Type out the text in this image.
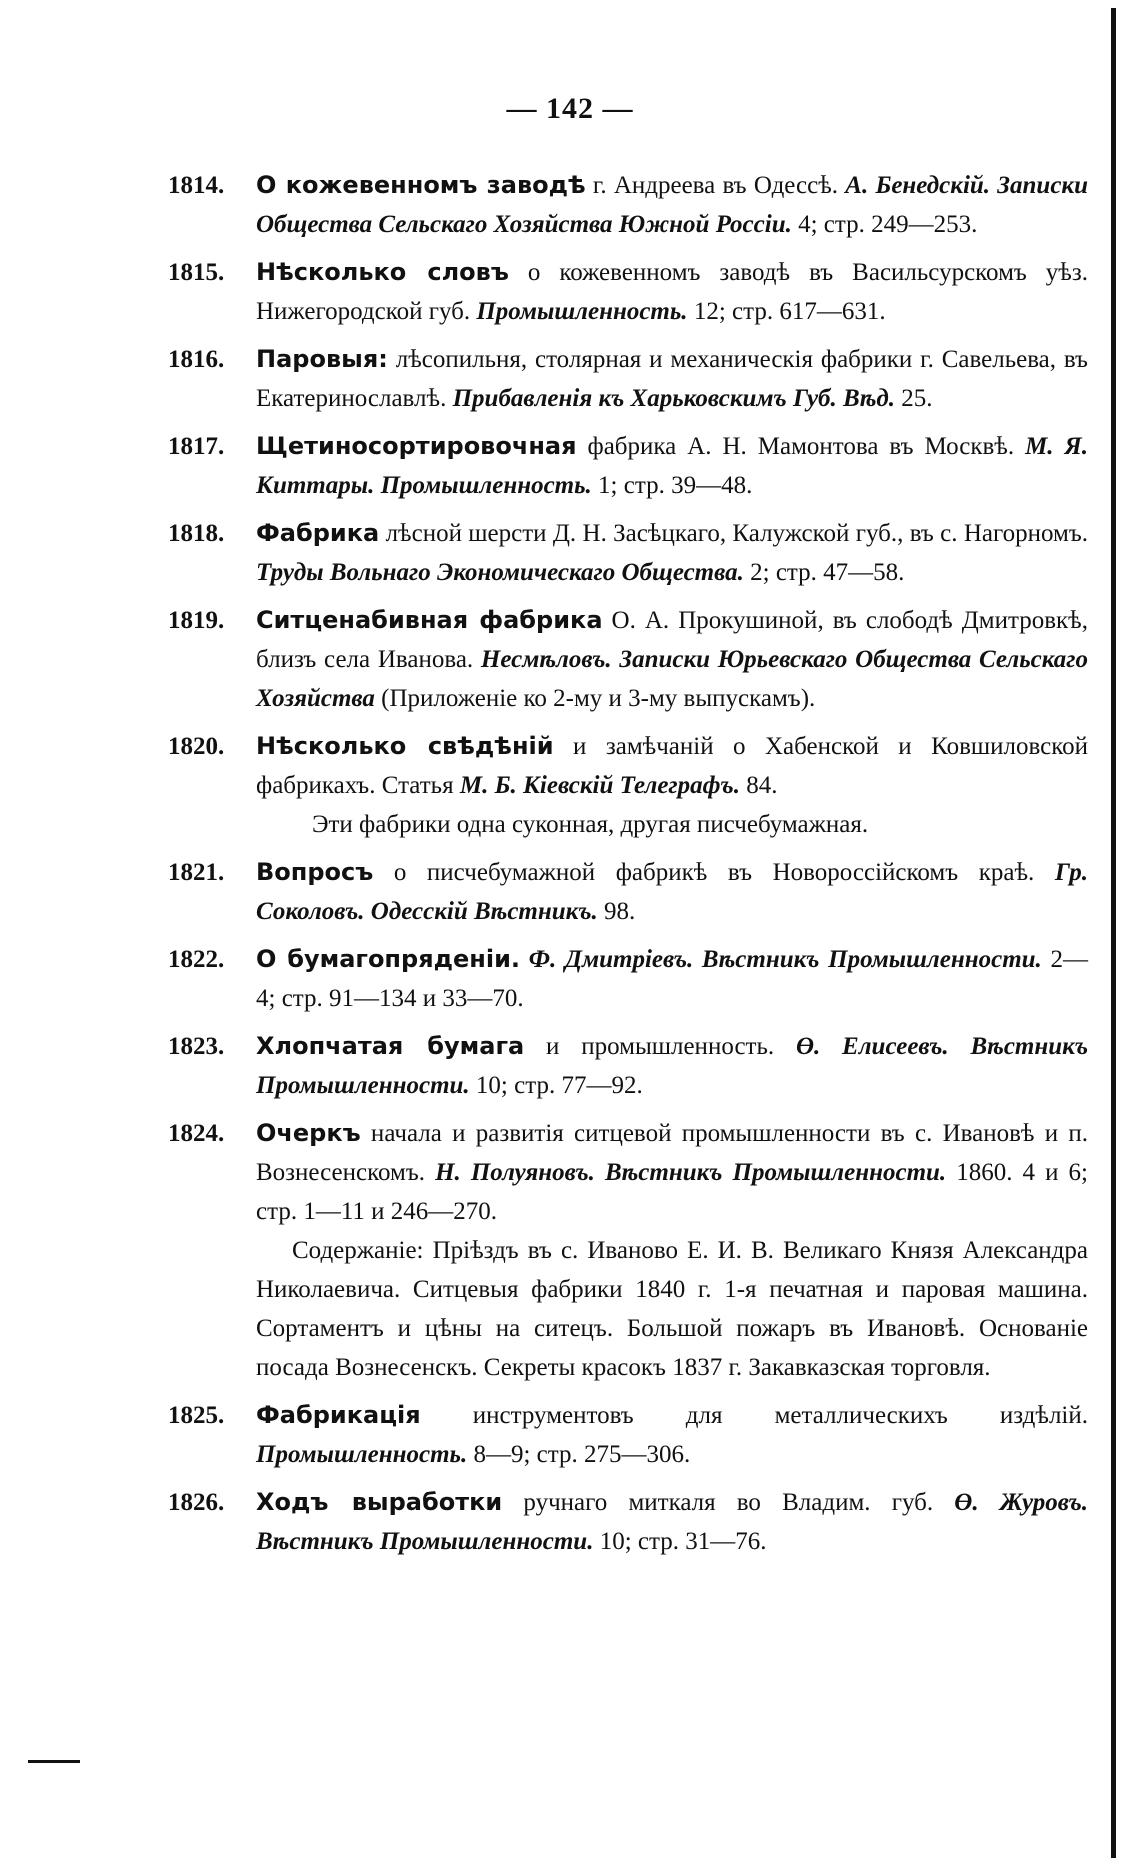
— 142 —
1814.	О кожевенномъ заводѣ г. Андреева въ Одессѣ. А. Бенедскій. Записки Общества Сельскаго Хозяйства Южной Россіи. 4; стр. 249—253.
1815.	Нѣсколько словъ о кожевенномъ заводѣ въ Васильсурскомъ уѣз. Нижегородской губ. Промышленность. 12; стр. 617—631.
1816.	Паровыя: лѣсопильня, столярная и механическія фабрики г. Савельева, въ Екатеринославлѣ. Прибавленія къ Харьковскимъ Губ. Вѣд. 25.
1817.	Щетиносортировочная фабрика А. Н. Мамонтова въ Москвѣ. М. Я. Киттары. Промышленность. 1; стр. 39—48.
1818.	Фабрика лѣсной шерсти Д. Н. Засѣцкаго, Калужской губ., въ с. Нагорномъ. Труды Вольнаго Экономическаго Общества. 2; стр. 47—58.
1819.	Ситценабивная фабрика О. А. Прокушиной, въ слободѣ Дмитровкѣ, близъ села Иванова. Несмѣловъ. Записки Юрьевскаго Общества Сельскаго Хозяйства (Приложеніе ко 2-му и 3-му выпускамъ).
1820.	Нѣсколько свѣдѣній и замѣчаній о Хабенской и Ковшиловской фабрикахъ. Статья М. Б. Кіевскій Телеграфъ. 84.
Эти фабрики одна суконная, другая писчебумажная.
1821.	Вопросъ о писчебумажной фабрикѣ въ Новороссійскомъ краѣ. Гр. Соколовъ. Одесскій Вѣстникъ. 98.
1822.	О бумагопряденіи. Ф. Дмитріевъ. Вѣстникъ Промышленности. 2—4; стр. 91—134 и 33—70.
1823.	Хлопчатая бумага и промышленность. Ө. Елисеевъ. Вѣстникъ Промышленности. 10; стр. 77—92.
1824.	Очеркъ начала и развитія ситцевой промышленности въ с. Ивановѣ и п. Вознесенскомъ. Н. Полуяновъ. Вѣстникъ Промышленности. 1860. 4 и 6; стр. 1—11 и 246—270.
Содержаніе: Пріѣздъ въ с. Иваново Е. И. В. Великаго Князя Александра Николаевича. Ситцевыя фабрики 1840 г. 1-я печатная и паровая машина. Сортаментъ и цѣны на ситецъ. Большой пожаръ въ Ивановѣ. Основаніе посада Вознесенскъ. Секреты красокъ 1837 г. Закавказская торговля.
1825.	Фабрикація инструментовъ для металлическихъ издѣлій. Промышленность. 8—9; стр. 275—306.
1826.	Ходъ выработки ручнаго миткаля во Владим. губ. Ө. Журовъ. Вѣстникъ Промышленности. 10; стр. 31—76.
